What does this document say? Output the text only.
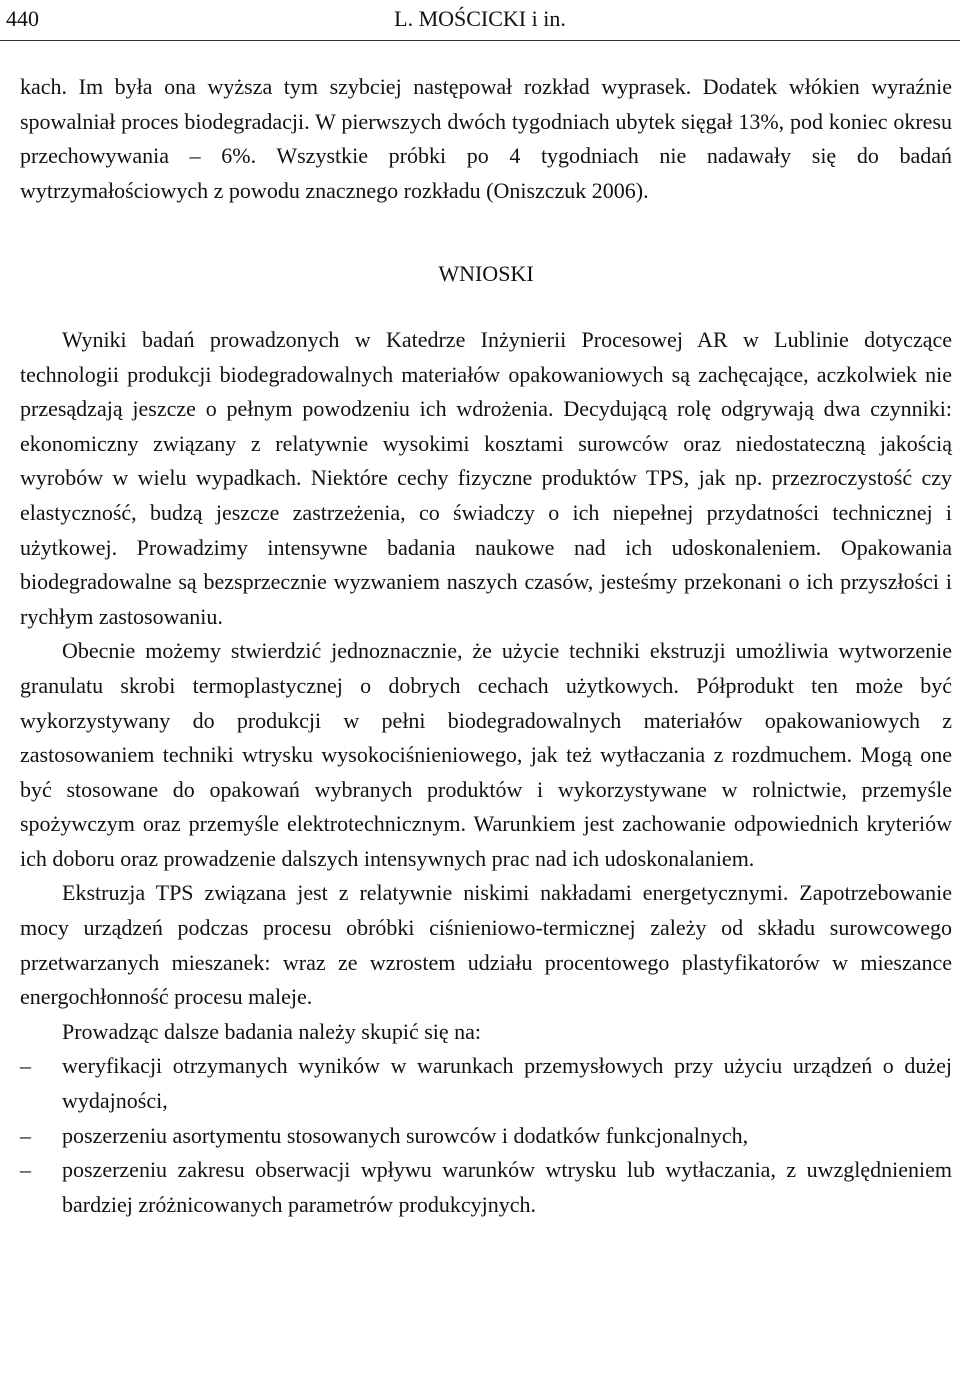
440	L. MOŚCICKI i in.

kach. Im była ona wyższa tym szybciej następował rozkład wyprasek. Dodatek włókien wyraźnie spowalniał proces biodegradacji. W pierwszych dwóch tygodniach ubytek sięgał 13%, pod koniec okresu przechowywania – 6%. Wszystkie próbki po 4 tygodniach nie nadawały się do badań wytrzymałościowych z powodu znacznego rozkładu (Oniszczuk 2006).

WNIOSKI

Wyniki badań prowadzonych w Katedrze Inżynierii Procesowej AR w Lublinie dotyczące technologii produkcji biodegradowalnych materiałów opakowaniowych są zachęcające, aczkolwiek nie przesądzają jeszcze o pełnym powodzeniu ich wdrożenia. Decydującą rolę odgrywają dwa czynniki: ekonomiczny związany z relatywnie wysokimi kosztami surowców oraz niedostateczną jakością wyrobów w wielu wypadkach. Niektóre cechy fizyczne produktów TPS, jak np. przezroczystość czy elastyczność, budzą jeszcze zastrzeżenia, co świadczy o ich niepełnej przydatności technicznej i użytkowej. Prowadzimy intensywne badania naukowe nad ich udoskonaleniem. Opakowania biodegradowalne są bezsprzecznie wyzwaniem naszych czasów, jesteśmy przekonani o ich przyszłości i rychłym zastosowaniu.

Obecnie możemy stwierdzić jednoznacznie, że użycie techniki ekstruzji umożliwia wytworzenie granulatu skrobi termoplastycznej o dobrych cechach użytkowych. Półprodukt ten może być wykorzystywany do produkcji w pełni biodegradowalnych materiałów opakowaniowych z zastosowaniem techniki wtrysku wysokociśnieniowego, jak też wytłaczania z rozdmuchem. Mogą one być stosowane do opakowań wybranych produktów i wykorzystywane w rolnictwie, przemyśle spożywczym oraz przemyśle elektrotechnicznym. Warunkiem jest zachowanie odpowiednich kryteriów ich doboru oraz prowadzenie dalszych intensywnych prac nad ich udoskonalaniem.

Ekstruzja TPS związana jest z relatywnie niskimi nakładami energetycznymi. Zapotrzebowanie mocy urządzeń podczas procesu obróbki ciśnieniowo-termicznej zależy od składu surowcowego przetwarzanych mieszanek: wraz ze wzrostem udziału procentowego plastyfikatorów w mieszance energochłonność procesu maleje.

Prowadząc dalsze badania należy skupić się na:

– weryfikacji otrzymanych wyników w warunkach przemysłowych przy użyciu urządzeń o dużej wydajności,
– poszerzeniu asortymentu stosowanych surowców i dodatków funkcjonalnych,
– poszerzeniu zakresu obserwacji wpływu warunków wtrysku lub wytłaczania, z uwzględnieniem bardziej zróżnicowanych parametrów produkcyjnych.
